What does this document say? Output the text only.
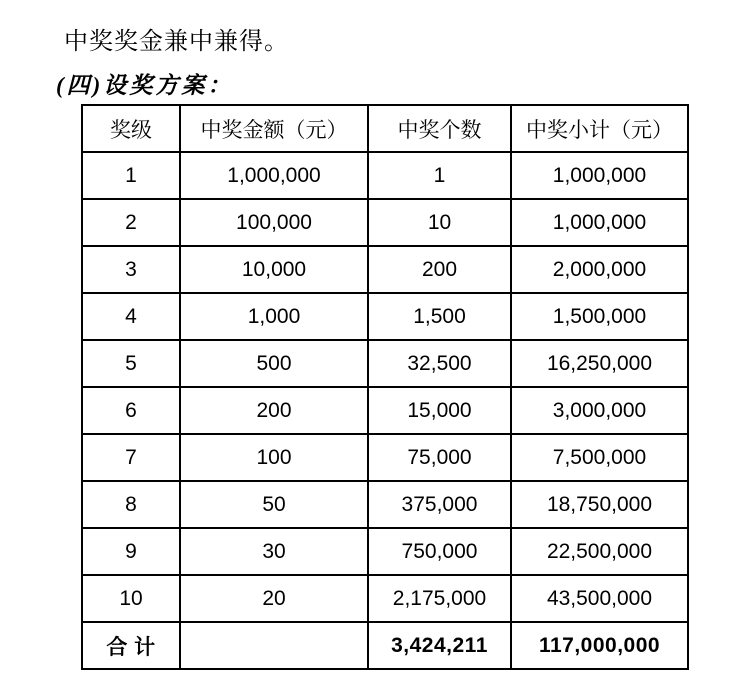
中奖奖金兼中兼得。

(四)设奖方案：

奖级	中奖金额（元）	中奖个数	中奖小计（元）
1	1,000,000	1	1,000,000
2	100,000	10	1,000,000
3	10,000	200	2,000,000
4	1,000	1,500	1,500,000
5	500	32,500	16,250,000
6	200	15,000	3,000,000
7	100	75,000	7,500,000
8	50	375,000	18,750,000
9	30	750,000	22,500,000
10	20	2,175,000	43,500,000
合 计		3,424,211	117,000,000
